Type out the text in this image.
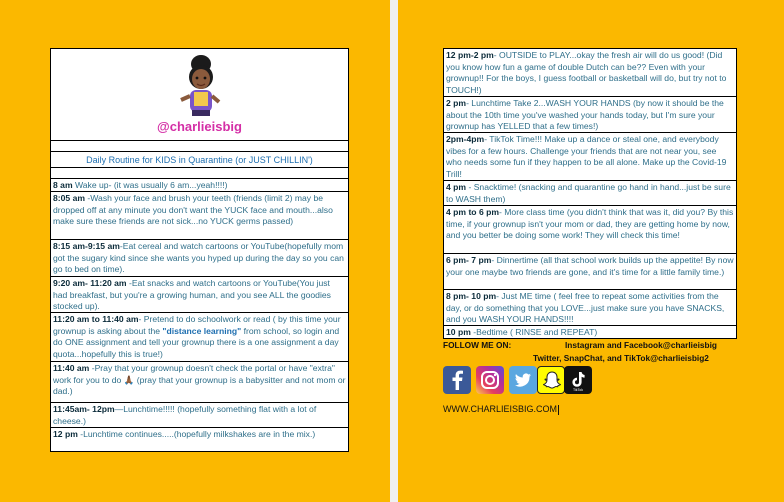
@charlieisbig
Daily Routine for KIDS in Quarantine (or JUST CHILLIN')
8 am Wake up- (it was usually 6 am...yeah!!!!)
8:05 am -Wash your face and brush your teeth (friends (limit 2) may be dropped off at any minute you don't want the YUCK face and mouth...also make sure these friends are not sick...no YUCK germs passed)
8:15 am-9:15 am-Eat cereal and watch cartoons or YouTube(hopefully mom got the sugary kind since she wants you hyped up during the day so you can go to bed on time).
9:20 am- 11:20 am -Eat snacks and watch cartoons or YouTube(You just had breakfast, but you're a growing human, and you see ALL the goodies stocked up).
11:20 am to 11:40 am- Pretend to do schoolwork or read ( by this time your grownup is asking about the "distance learning" from school, so login and do ONE assignment and tell your grownup there is a one assignment a day quota...hopefully this is true!)
11:40 am -Pray that your grownup doesn't check the portal or have "extra" work for you to do 🙏🏾 (pray that your grownup is a babysitter and not mom or dad.)
11:45am- 12pm—Lunchtime!!!!! (hopefully something flat with a lot of cheese.)
12 pm -Lunchtime continues.....(hopefully milkshakes are in the mix.)
12 pm-2 pm- OUTSIDE to PLAY...okay the fresh air will do us good! (Did you know how fun a game of double Dutch can be?? Even with your grownup!! For the boys, I guess football or basketball will do, but try not to TOUCH!)
2 pm- Lunchtime Take 2...WASH YOUR HANDS (by now it should be the about the 10th time you've washed your hands today, but I'm sure your grownup has YELLED that a few times!)
2pm-4pm- TikTok Time!!! Make up a dance or steal one, and everybody vibes for a few hours. Challenge your friends that are not near you, see who needs some fun if they happen to be all alone. Make up the Covid-19 Trill!
4 pm - Snacktime! (snacking and quarantine go hand in hand...just be sure to WASH them)
4 pm to 6 pm- More class time (you didn't think that was it, did you? By this time, if your grownup isn't your mom or dad, they are getting home by now, and you better be doing some work! They will check this time!
6 pm- 7 pm- Dinnertime (all that school work builds up the appetite! By now your one maybe two friends are gone, and it's time for a little family time.)
8 pm- 10 pm- Just ME time ( feel free to repeat some activities from the day, or do something that you LOVE...just make sure you have SNACKS, and you WASH YOUR HANDS!!!!
10 pm -Bedtime ( RINSE and REPEAT)
FOLLOW ME ON:	Instagram and Facebook@charlieisbig
Twitter, SnapChat, and TikTok@charlieisbig2
TikTok
WWW.CHARLIEISBIG.COM
